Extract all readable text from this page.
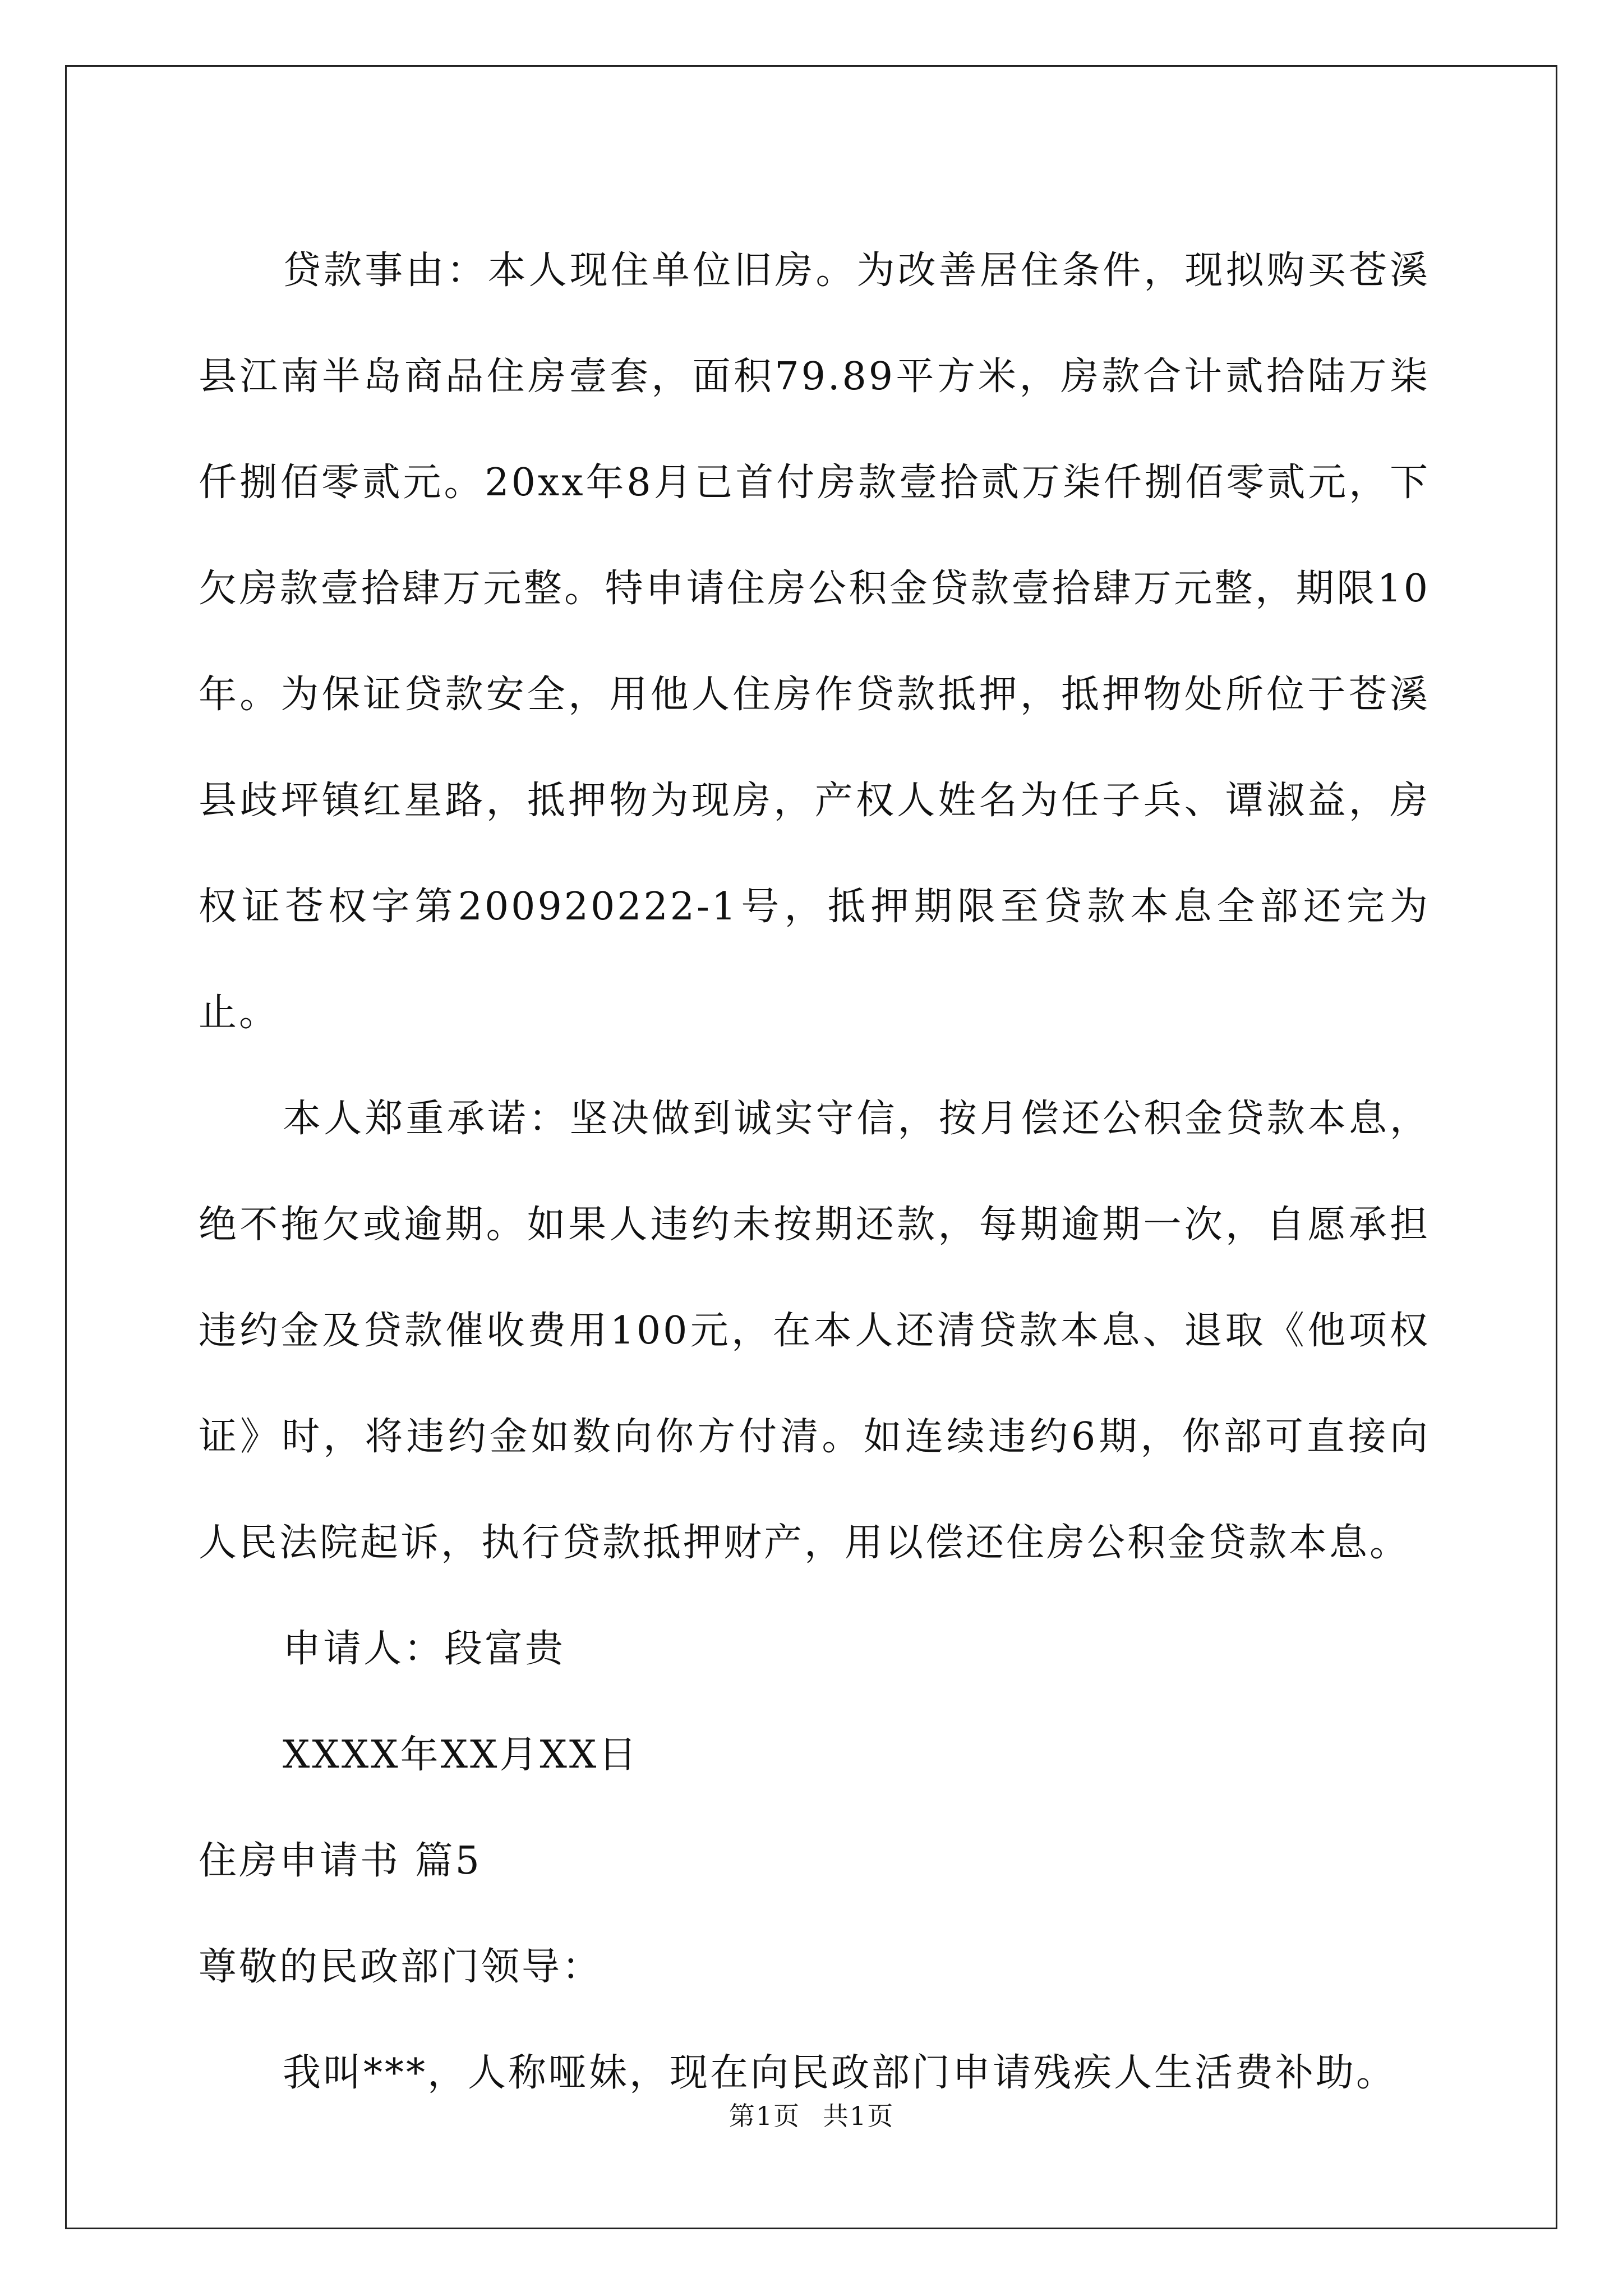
贷款事由：本人现住单位旧房。为改善居住条件，现拟购买苍溪县江南半岛商品住房壹套，面积79.89平方米，房款合计贰拾陆万柒仟捌佰零贰元。20xx年8月已首付房款壹拾贰万柒仟捌佰零贰元，下欠房款壹拾肆万元整。特申请住房公积金贷款壹拾肆万元整，期限10年。为保证贷款安全，用他人住房作贷款抵押，抵押物处所位于苍溪县歧坪镇红星路，抵押物为现房，产权人姓名为任子兵、谭淑益，房权证苍权字第200920222-1号，抵押期限至贷款本息全部还完为止。

本人郑重承诺：坚决做到诚实守信，按月偿还公积金贷款本息，绝不拖欠或逾期。如果人违约未按期还款，每期逾期一次，自愿承担违约金及贷款催收费用100元，在本人还清贷款本息、退取《他项权证》时，将违约金如数向你方付清。如连续违约6期，你部可直接向人民法院起诉，执行贷款抵押财产，用以偿还住房公积金贷款本息。

申请人：段富贵

XXXX年XX月XX日

住房申请书 篇5

尊敬的民政部门领导：

我叫***，人称哑妹，现在向民政部门申请残疾人生活费补助。

第1页 共1页
